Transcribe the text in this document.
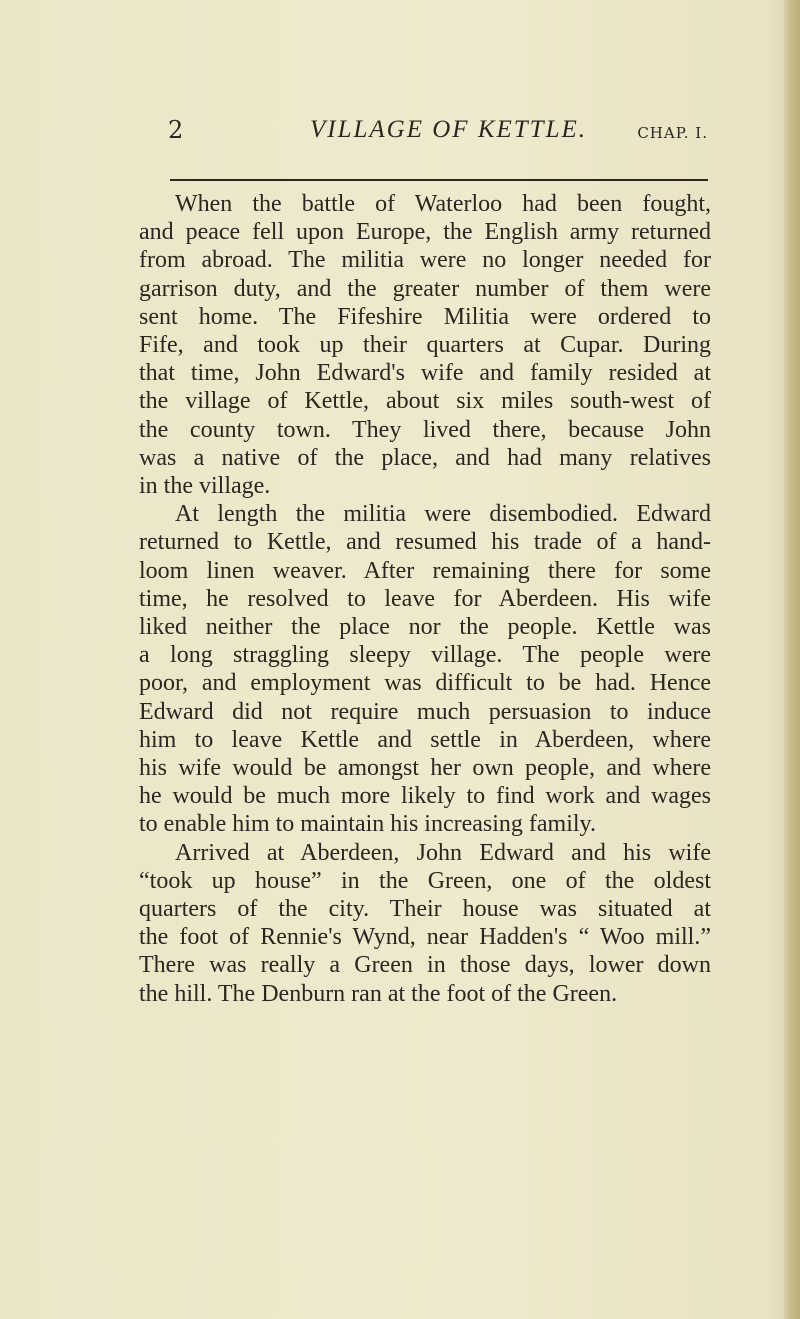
2	VILLAGE OF KETTLE.	CHAP. I.
When the battle of Waterloo had been fought,
and peace fell upon Europe, the English army returned
from abroad. The militia were no longer needed for
garrison duty, and the greater number of them were
sent home. The Fifeshire Militia were ordered to
Fife, and took up their quarters at Cupar. During
that time, John Edward's wife and family resided at
the village of Kettle, about six miles south-west of
the county town. They lived there, because John
was a native of the place, and had many relatives
in the village.
At length the militia were disembodied. Edward
returned to Kettle, and resumed his trade of a hand-
loom linen weaver. After remaining there for some
time, he resolved to leave for Aberdeen. His wife
liked neither the place nor the people. Kettle was
a long straggling sleepy village. The people were
poor, and employment was difficult to be had. Hence
Edward did not require much persuasion to induce
him to leave Kettle and settle in Aberdeen, where
his wife would be amongst her own people, and where
he would be much more likely to find work and wages
to enable him to maintain his increasing family.
Arrived at Aberdeen, John Edward and his wife
“took up house” in the Green, one of the oldest
quarters of the city. Their house was situated at
the foot of Rennie's Wynd, near Hadden's “ Woo mill.”
There was really a Green in those days, lower down
the hill. The Denburn ran at the foot of the Green.
